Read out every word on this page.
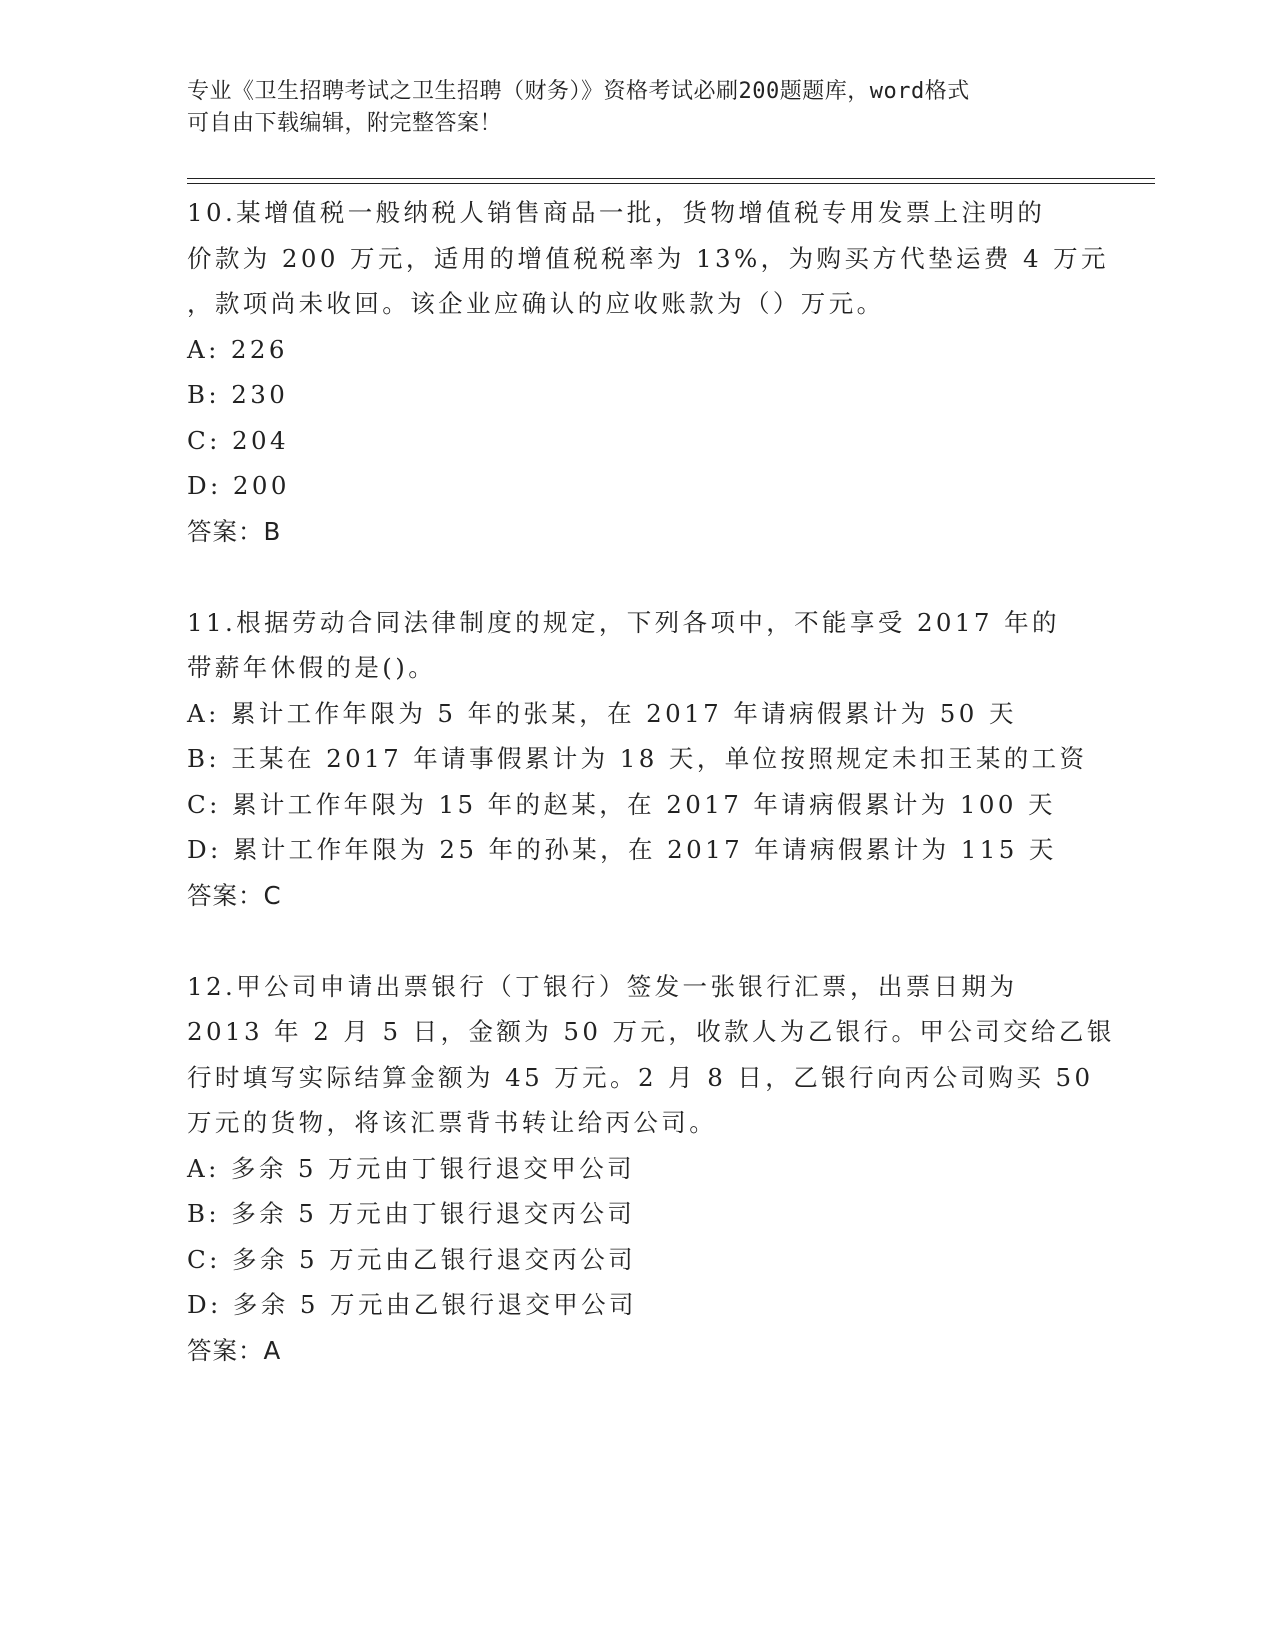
专业《卫生招聘考试之卫生招聘（财务）》资格考试必刷200题题库，word格式
可自由下载编辑，附完整答案！
10.某增值税一般纳税人销售商品一批，货物增值税专用发票上注明的
价款为 200 万元，适用的增值税税率为 13%，为购买方代垫运费 4 万元
，款项尚未收回。该企业应确认的应收账款为（）万元。
A: 226
B: 230
C: 204
D: 200
答案：B
11.根据劳动合同法律制度的规定，下列各项中，不能享受 2017 年的
带薪年休假的是()。
A: 累计工作年限为 5 年的张某，在 2017 年请病假累计为 50 天
B: 王某在 2017 年请事假累计为 18 天，单位按照规定未扣王某的工资
C: 累计工作年限为 15 年的赵某，在 2017 年请病假累计为 100 天
D: 累计工作年限为 25 年的孙某，在 2017 年请病假累计为 115 天
答案：C
12.甲公司申请出票银行（丁银行）签发一张银行汇票，出票日期为
2013 年 2 月 5 日，金额为 50 万元，收款人为乙银行。甲公司交给乙银
行时填写实际结算金额为 45 万元。2 月 8 日，乙银行向丙公司购买 50
万元的货物，将该汇票背书转让给丙公司。
A: 多余 5 万元由丁银行退交甲公司
B: 多余 5 万元由丁银行退交丙公司
C: 多余 5 万元由乙银行退交丙公司
D: 多余 5 万元由乙银行退交甲公司
答案：A
